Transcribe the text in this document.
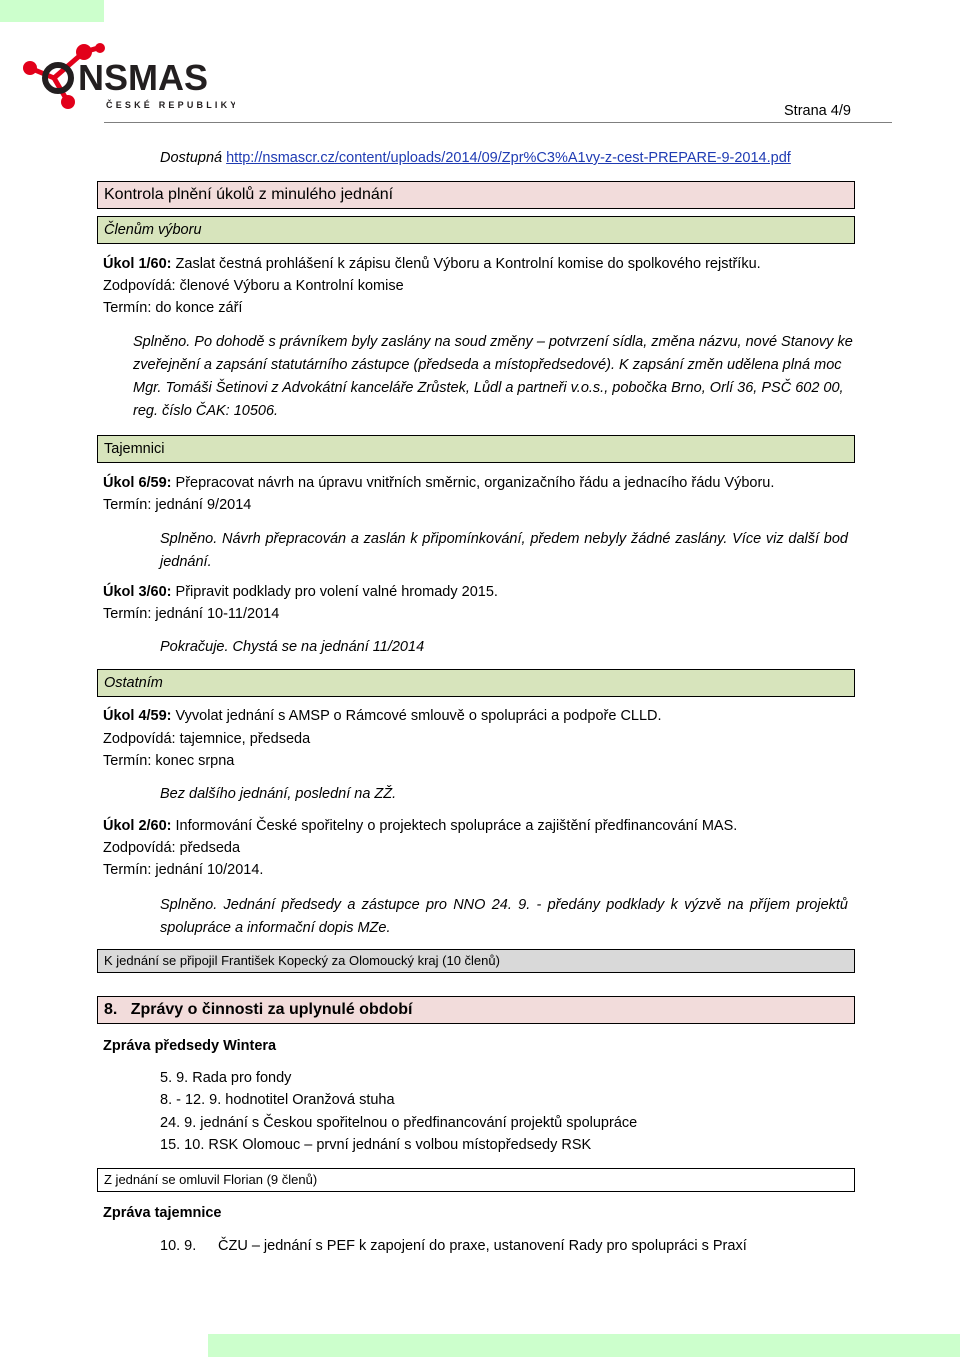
NSMAS
ČESKÉ REPUBLIKY	Strana 4/9
Dostupná http://nsmascr.cz/content/uploads/2014/09/Zpr%C3%A1vy-z-cest-PREPARE-9-2014.pdf
Kontrola plnění úkolů z minulého jednání
Členům výboru
Úkol 1/60: Zaslat čestná prohlášení k zápisu členů Výboru a Kontrolní komise do spolkového rejstříku.
Zodpovídá: členové Výboru a Kontrolní komise
Termín: do konce září
Splněno. Po dohodě s právníkem byly zaslány na soud změny – potvrzení sídla, změna názvu, nové Stanovy ke
zveřejnění a zapsání statutárního zástupce (předseda a místopředsedové). K zapsání změn udělena plná moc
Mgr. Tomáši Šetinovi z Advokátní kanceláře Zrůstek, Lůdl a partneři v.o.s., pobočka Brno, Orlí 36, PSČ 602 00,
reg. číslo ČAK: 10506.
Tajemnici
Úkol 6/59: Přepracovat návrh na úpravu vnitřních směrnic, organizačního řádu a jednacího řádu Výboru.
Termín: jednání 9/2014
Splněno. Návrh přepracován a zaslán k připomínkování, předem nebyly žádné zaslány. Více viz další bod jednání.
Úkol 3/60: Připravit podklady pro volení valné hromady 2015.
Termín: jednání 10-11/2014
Pokračuje. Chystá se na jednání 11/2014
Ostatním
Úkol 4/59: Vyvolat jednání s AMSP o Rámcové smlouvě o spolupráci a podpoře CLLD.
Zodpovídá: tajemnice, předseda
Termín: konec srpna
Bez dalšího jednání, poslední na ZŽ.
Úkol 2/60: Informování České spořitelny o projektech spolupráce a zajištění předfinancování MAS.
Zodpovídá: předseda
Termín: jednání 10/2014.
Splněno. Jednání předsedy a zástupce pro NNO 24. 9. - předány podklady k výzvě na příjem projektů spolupráce a informační dopis MZe.
K jednání se připojil František Kopecký za Olomoucký kraj (10 členů)
8. Zprávy o činnosti za uplynulé období
Zpráva předsedy Wintera
5. 9. Rada pro fondy
8. - 12. 9. hodnotitel Oranžová stuha
24. 9. jednání s Českou spořitelnou o předfinancování projektů spolupráce
15. 10. RSK Olomouc – první jednání s volbou místopředsedy RSK
Z jednání se omluvil Florian (9 členů)
Zpráva tajemnice
10. 9. ČZU – jednání s PEF k zapojení do praxe, ustanovení Rady pro spolupráci s Praxí
